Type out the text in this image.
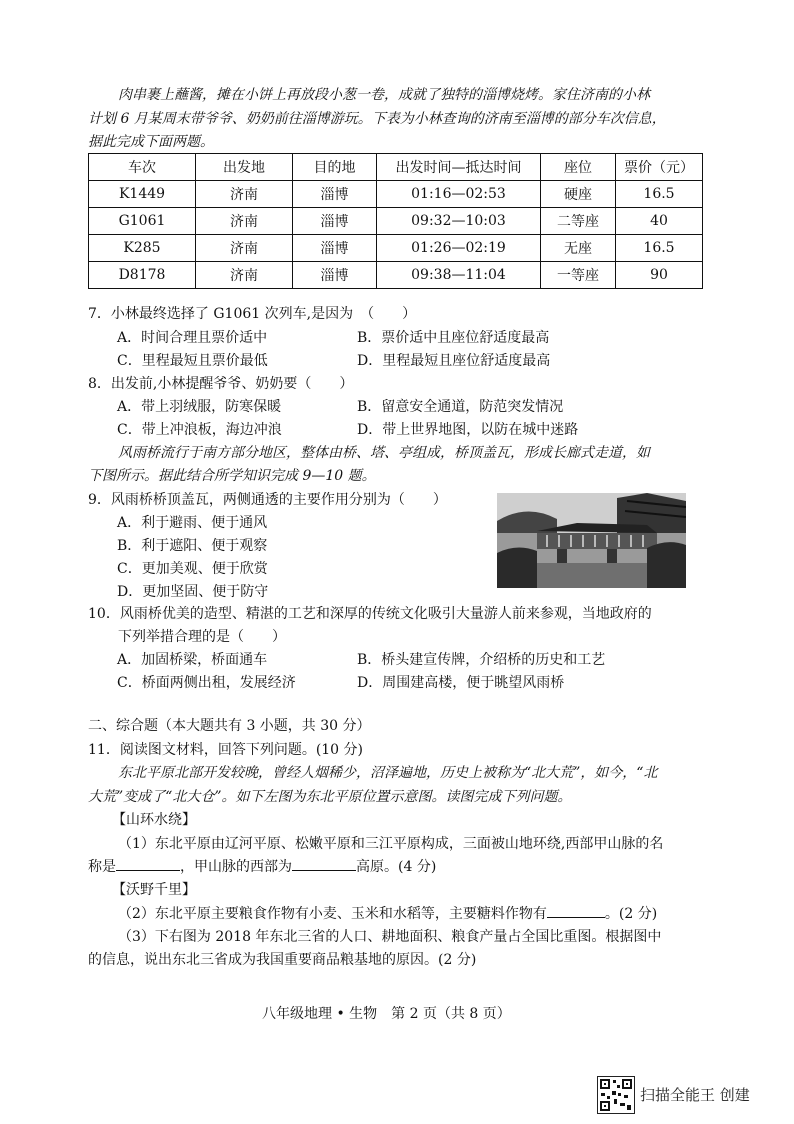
肉串裹上蘸酱，摊在小饼上再放段小葱一卷，成就了独特的淄博烧烤。家住济南的小林
计划 6 月某周末带爷爷、奶奶前往淄博游玩。下表为小林查询的济南至淄博的部分车次信息，
据此完成下面两题。
车次	出发地	目的地	出发时间—抵达时间	座位	票价（元）
K1449	济南	淄博	01:16—02:53	硬座	16.5
G1061	济南	淄博	09:32—10:03	二等座	40
K285	济南	淄博	01:26—02:19	无座	16.5
D8178	济南	淄博	09:38—11:04	一等座	90
7．小林最终选择了 G1061 次列车,是因为　（　　）
A．时间合理且票价适中	B．票价适中且座位舒适度最高
C．里程最短且票价最低	D．里程最短且座位舒适度最高
8．出发前,小林提醒爷爷、奶奶要（　　）
A．带上羽绒服，防寒保暖	B．留意安全通道，防范突发情况
C．带上冲浪板，海边冲浪	D．带上世界地图，以防在城中迷路
风雨桥流行于南方部分地区，整体由桥、塔、亭组成，桥顶盖瓦，形成长廊式走道，如
下图所示。据此结合所学知识完成 9—10 题。
9．风雨桥桥顶盖瓦，两侧通透的主要作用分别为（　　）
A．利于避雨、便于通风
B．利于遮阳、便于观察
C．更加美观、便于欣赏
D．更加坚固、便于防守
10．风雨桥优美的造型、精湛的工艺和深厚的传统文化吸引大量游人前来参观，当地政府的
下列举措合理的是（　　）
A．加固桥梁，桥面通车	B．桥头建宣传牌，介绍桥的历史和工艺
C．桥面两侧出租，发展经济	D．周围建高楼，便于眺望风雨桥
二、综合题（本大题共有 3 小题，共 30 分）
11．阅读图文材料，回答下列问题。(10 分)
东北平原北部开发较晚，曾经人烟稀少，沼泽遍地，历史上被称为“北大荒”，如今，“北
大荒”变成了“北大仓”。如下左图为东北平原位置示意图。读图完成下列问题。
【山环水绕】
（1）东北平原由辽河平原、松嫩平原和三江平原构成，三面被山地环绕,西部甲山脉的名
称是	，甲山脉的西部为	高原。(4 分)
【沃野千里】
（2）东北平原主要粮食作物有小麦、玉米和水稻等，主要糖料作物有	。(2 分)
（3）下右图为 2018 年东北三省的人口、耕地面积、粮食产量占全国比重图。根据图中
的信息，说出东北三省成为我国重要商品粮基地的原因。(2 分)
八年级地理 • 生物　第 2 页（共 8 页）
扫描全能王 创建
